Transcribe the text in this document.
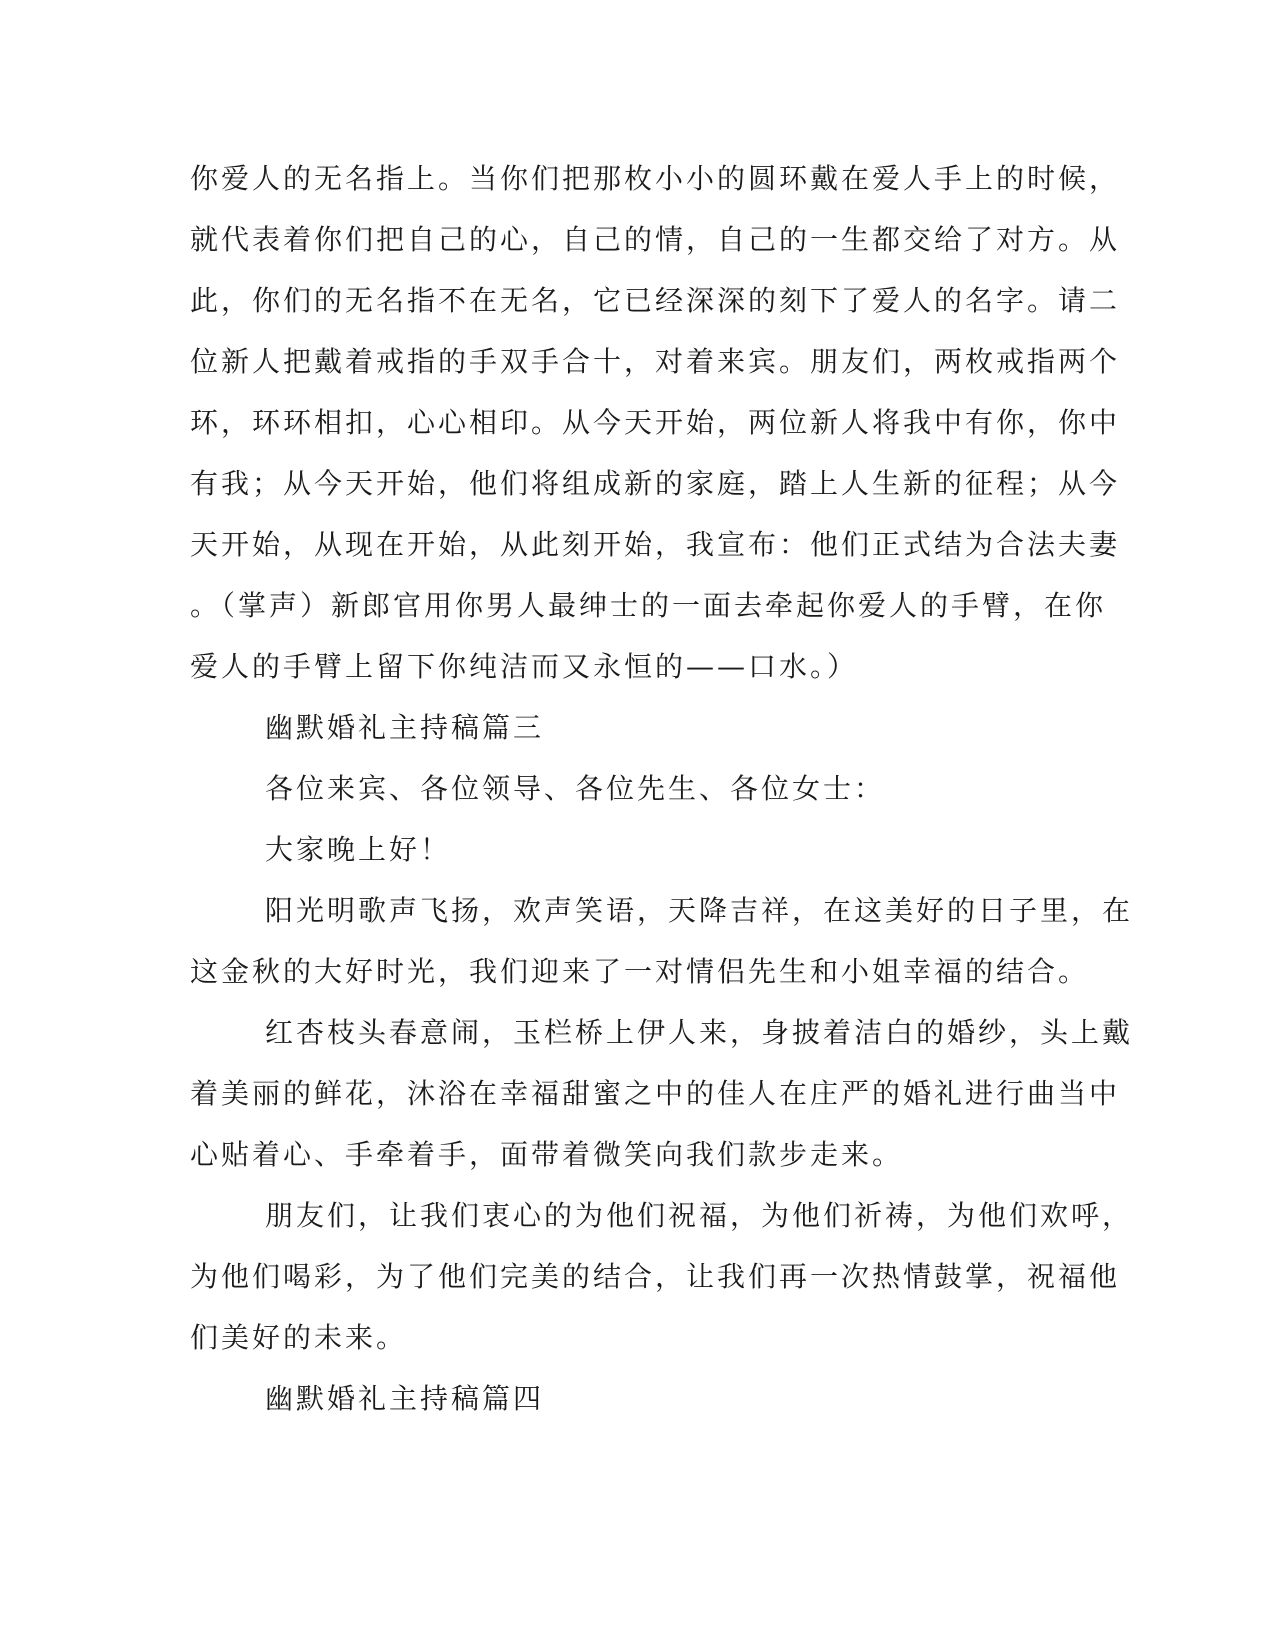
你爱人的无名指上。当你们把那枚小小的圆环戴在爱人手上的时候，
就代表着你们把自己的心，自己的情，自己的一生都交给了对方。从
此，你们的无名指不在无名，它已经深深的刻下了爱人的名字。请二
位新人把戴着戒指的手双手合十，对着来宾。朋友们，两枚戒指两个
环，环环相扣，心心相印。从今天开始，两位新人将我中有你，你中
有我；从今天开始，他们将组成新的家庭，踏上人生新的征程；从今
天开始，从现在开始，从此刻开始，我宣布：他们正式结为合法夫妻
。（掌声）新郎官用你男人最绅士的一面去牵起你爱人的手臂，在你
爱人的手臂上留下你纯洁而又永恒的——口水。）
幽默婚礼主持稿篇三
各位来宾、各位领导、各位先生、各位女士：
大家晚上好！
阳光明歌声飞扬，欢声笑语，天降吉祥，在这美好的日子里，在
这金秋的大好时光，我们迎来了一对情侣先生和小姐幸福的结合。
红杏枝头春意闹，玉栏桥上伊人来，身披着洁白的婚纱，头上戴
着美丽的鲜花，沐浴在幸福甜蜜之中的佳人在庄严的婚礼进行曲当中
心贴着心、手牵着手，面带着微笑向我们款步走来。
朋友们，让我们衷心的为他们祝福，为他们祈祷，为他们欢呼，
为他们喝彩，为了他们完美的结合，让我们再一次热情鼓掌，祝福他
们美好的未来。
幽默婚礼主持稿篇四
